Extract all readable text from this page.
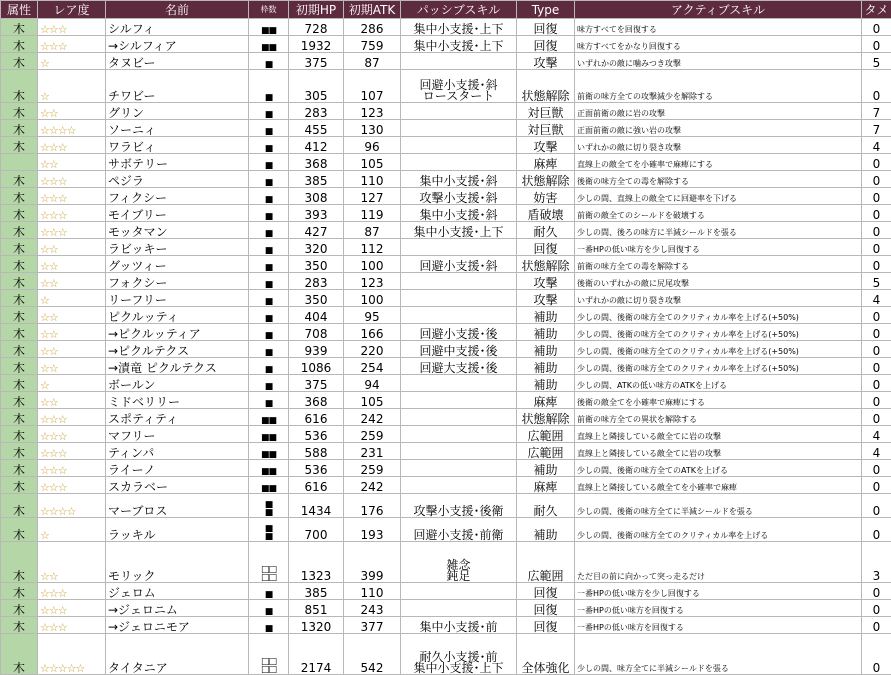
属性	レア度	名前	枠数	初期HP	初期ATK	パッシブスキル	Type	アクティブスキル	タメ
木	☆☆☆	シルフィ	■■	728	286	集中小支援･上下	回復	味方すべてを回復する	0
木	☆☆☆	→シルフィア	■■	1932	759	集中小支援･上下	回復	味方すべてをかなり回復する	0
木	☆	タヌビー	■	375	87		攻撃	いずれかの敵に噛みつき攻撃	5
木	☆	チワビー	■	305	107	回避小支援･斜
ロースタート	状態解除	前衛の味方全ての攻撃減少を解除する	0
木	☆☆	グリン	■	283	123		対巨獣	正面前衛の敵に岩の攻撃	7
木	☆☆☆☆	ソーニィ	■	455	130		対巨獣	正面前衛の敵に強い岩の攻撃	7
木	☆☆☆	ワラビィ	■	412	96		攻撃	いずれかの敵に切り裂き攻撃	4
	☆☆	サボテリー	■	368	105		麻痺	直線上の敵全てを小確率で麻痺にする	0
木	☆☆☆	ペジラ	■	385	110	集中小支援･斜	状態解除	後衛の味方全ての毒を解除する	0
木	☆☆☆	フィクシー	■	308	127	攻撃小支援･斜	妨害	少しの間、直線上の敵全てに回避率を下げる	0
木	☆☆☆	モイブリー	■	393	119	集中小支援･斜	盾破壊	前衛の敵全てのシールドを破壊する	0
木	☆☆☆	モッタマン	■	427	87	集中小支援･上下	耐久	少しの間、後ろの味方に半減シールドを張る	0
木	☆☆	ラビッキー	■	320	112		回復	一番HPの低い味方を少し回復する	0
木	☆☆	グッツィー	■	350	100	回避小支援･斜	状態解除	前衛の味方全ての毒を解除する	0
木	☆☆	フォクシー	■	283	123		攻撃	後衛のいずれかの敵に尻尾攻撃	5
木	☆	リーフリー	■	350	100		攻撃	いずれかの敵に切り裂き攻撃	4
木	☆☆	ピクルッティ	■	404	95		補助	少しの間、後衛の味方全てのクリティカル率を上げる(+50%)	0
木	☆☆	→ピクルッティア	■	708	166	回避小支援･後	補助	少しの間、後衛の味方全てのクリティカル率を上げる(+50%)	0
木	☆☆	→ピクルテクス	■	939	220	回避中支援･後	補助	少しの間、後衛の味方全てのクリティカル率を上げる(+50%)	0
木	☆☆	→漬竜 ピクルテクス	■	1086	254	回避大支援･後	補助	少しの間、後衛の味方全てのクリティカル率を上げる(+50%)	0
木	☆	ボールン	■	375	94		補助	少しの間、ATKの低い味方のATKを上げる	0
木	☆☆	ミドベリリー	■	368	105		麻痺	後衛の敵全てを小確率で麻痺にする	0
木	☆☆☆	スポティティ	■■	616	242		状態解除	前衛の味方全ての異状を解除する	0
木	☆☆☆	マフリー	■■	536	259		広範囲	直線上と隣接している敵全てに岩の攻撃	4
木	☆☆☆	ティンパ	■■	588	231		広範囲	直線上と隣接している敵全てに岩の攻撃	4
木	☆☆☆	ライーノ	■■	536	259		補助	少しの間、後衛の味方全てのATKを上げる	0
木	☆☆☆	スカラベー	■■	616	242		麻痺	直線上と隣接している敵全てを小確率で麻痺	0
木	☆☆☆☆	マーブロス	■
■	1434	176	攻撃小支援･後衛	耐久	少しの間、後衛の味方全てに半減シールドを張る	0
木	☆	ラッキル	■
■	700	193	回避小支援･前衛	補助	少しの間、後衛の味方全てのクリティカル率を上げる	0
木	☆☆	モリック	□□
□□	1323	399	雑念
鈍足	広範囲	ただ目の前に向かって突っ走るだけ	3
木	☆☆☆	ジェロム	■	385	110		回復	一番HPの低い味方を少し回復する	0
木	☆☆☆	→ジェロニム	■	851	243		回復	一番HPの低い味方を回復する	0
木	☆☆☆	→ジェロニモア	■	1320	377	集中小支援･前	回復	一番HPの低い味方を回復する	0
木	☆☆☆☆☆	タイタニア	□□
□□	2174	542	耐久小支援･前
集中小支援･上下	全体強化	少しの間、味方全てに半減シールドを張る	0
